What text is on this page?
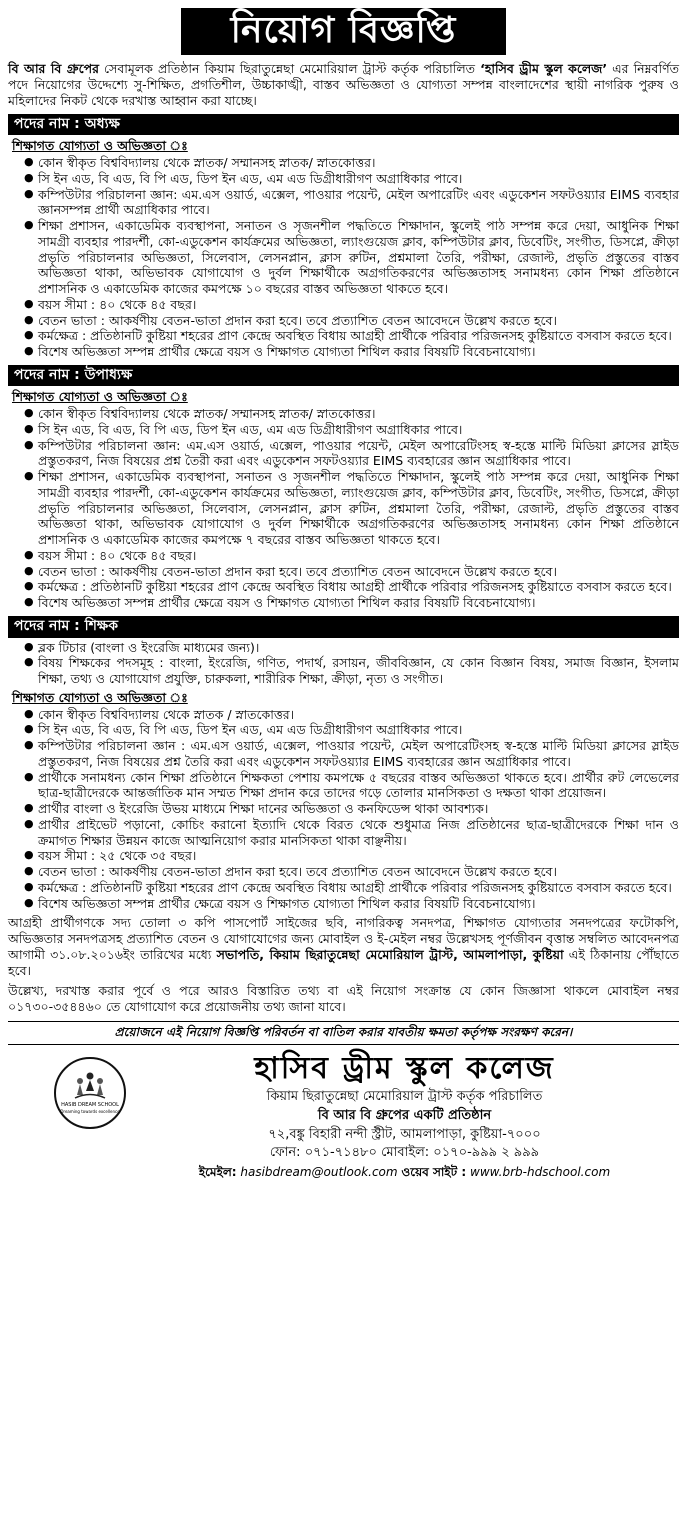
নিয়োগ বিজ্ঞপ্তি

বি আর বি গ্রুপের সেবামূলক প্রতিষ্ঠান কিয়াম ছিরাতুন্নেছা মেমোরিয়াল ট্রাস্ট কর্তৃক পরিচালিত ‘হাসিব ড্রীম স্কুল কলেজ’ এর নিম্নবর্ণিত পদে নিয়োগের উদ্দেশ্যে সু-শিক্ষিত, প্রগতিশীল, উচ্চাকাঙ্খী, বাস্তব অভিজ্ঞতা ও যোগ্যতা সম্পন্ন বাংলাদেশের স্থায়ী নাগরিক পুরুষ ও মহিলাদের নিকট থেকে দরখাস্ত আহ্বান করা যাচ্ছে।

পদের নাম : অধ্যক্ষ
শিক্ষাগত যোগ্যতা ও অভিজ্ঞতা ঃ
● কোন স্বীকৃত বিশ্ববিদ্যালয় থেকে স্নাতক/ সম্মানসহ স্নাতক/ স্নাতকোত্তর।
● সি ইন এড, বি এড, বি পি এড, ডিপ ইন এড, এম এড ডিগ্রীধারীগণ অগ্রাধিকার পাবে।
● কম্পিউটার পরিচালনা জ্ঞান: এম.এস ওয়ার্ড, এক্সেল, পাওয়ার পয়েন্ট, মেইল অপারেটিং এবং এডুকেশন সফটওয়্যার EIMS ব্যবহার জ্ঞানসম্পন্ন প্রার্থী অগ্রাধিকার পাবে।
● শিক্ষা প্রশাসন, একাডেমিক ব্যবস্থাপনা, সনাতন ও সৃজনশীল পদ্ধতিতে শিক্ষাদান, স্কুলেই পাঠ সম্পন্ন করে দেয়া, আধুনিক শিক্ষা সামগ্রী ব্যবহার পারদর্শী, কো-এডুকেশন কার্যক্রমের অভিজ্ঞতা, ল্যাংগুয়েজ ক্লাব, কম্পিউটার ক্লাব, ডিবেটিং, সংগীত, ডিসপ্লে, ক্রীড়া প্রভৃতি পরিচালনার অভিজ্ঞতা, সিলেবাস, লেসনপ্লান, ক্লাস রুটিন, প্রশ্নমালা তৈরি, পরীক্ষা, রেজাল্ট, প্রভৃতি প্রস্তুতের বাস্তব অভিজ্ঞতা থাকা, অভিভাবক যোগাযোগ ও দুর্বল শিক্ষার্থীকে অগ্রগতিকরণের অভিজ্ঞতাসহ সনামধন্য কোন শিক্ষা প্রতিষ্ঠানে প্রশাসনিক ও একাডেমিক কাজের কমপক্ষে ১০ বছরের বাস্তব অভিজ্ঞতা থাকতে হবে।
● বয়স সীমা : ৪০ থেকে ৪৫ বছর।
● বেতন ভাতা : আকর্ষণীয় বেতন-ভাতা প্রদান করা হবে। তবে প্রত্যাশিত বেতন আবেদনে উল্লেখ করতে হবে।
● কর্মক্ষেত্র : প্রতিষ্ঠানটি কুষ্টিয়া শহরের প্রাণ কেন্দ্রে অবস্থিত বিধায় আগ্রহী প্রার্থীকে পরিবার পরিজনসহ কুষ্টিয়াতে বসবাস করতে হবে।
● বিশেষ অভিজ্ঞতা সম্পন্ন প্রার্থীর ক্ষেত্রে বয়স ও শিক্ষাগত যোগ্যতা শিথিল করার বিষয়টি বিবেচনাযোগ্য।
পদের নাম : উপাধ্যক্ষ
শিক্ষাগত যোগ্যতা ও অভিজ্ঞতা ঃ
● কোন স্বীকৃত বিশ্ববিদ্যালয় থেকে স্নাতক/ সম্মানসহ স্নাতক/ স্নাতকোত্তর।
● সি ইন এড, বি এড, বি পি এড, ডিপ ইন এড, এম এড ডিগ্রীধারীগণ অগ্রাধিকার পাবে।
● কম্পিউটার পরিচালনা জ্ঞান: এম.এস ওয়ার্ড, এক্সেল, পাওয়ার পয়েন্ট, মেইল অপারেটিংসহ স্ব-হস্তে মাল্টি মিডিয়া ক্লাসের স্লাইড প্রস্তুতকরণ, নিজ বিষয়ের প্রশ্ন তৈরী করা এবং এডুকেশন সফটওয়্যার EIMS ব্যবহারের জ্ঞান অগ্রাধিকার পাবে।
● শিক্ষা প্রশাসন, একাডেমিক ব্যবস্থাপনা, সনাতন ও সৃজনশীল পদ্ধতিতে শিক্ষাদান, স্কুলেই পাঠ সম্পন্ন করে দেয়া, আধুনিক শিক্ষা সামগ্রী ব্যবহার পারদর্শী, কো-এডুকেশন কার্যক্রমের অভিজ্ঞতা, ল্যাংগুয়েজ ক্লাব, কম্পিউটার ক্লাব, ডিবেটিং, সংগীত, ডিসপ্লে, ক্রীড়া প্রভৃতি পরিচালনার অভিজ্ঞতা, সিলেবাস, লেসনপ্লান, ক্লাস রুটিন, প্রশ্নমালা তৈরি, পরীক্ষা, রেজাল্ট, প্রভৃতি প্রস্তুতের বাস্তব অভিজ্ঞতা থাকা, অভিভাবক যোগাযোগ ও দুর্বল শিক্ষার্থীকে অগ্রগতিকরণের অভিজ্ঞতাসহ সনামধন্য কোন শিক্ষা প্রতিষ্ঠানে প্রশাসনিক ও একাডেমিক কাজের কমপক্ষে ৭ বছরের বাস্তব অভিজ্ঞতা থাকতে হবে।
● বয়স সীমা : ৪০ থেকে ৪৫ বছর।
● বেতন ভাতা : আকর্ষণীয় বেতন-ভাতা প্রদান করা হবে। তবে প্রত্যাশিত বেতন আবেদনে উল্লেখ করতে হবে।
● কর্মক্ষেত্র : প্রতিষ্ঠানটি কুষ্টিয়া শহরের প্রাণ কেন্দ্রে অবস্থিত বিধায় আগ্রহী প্রার্থীকে পরিবার পরিজনসহ কুষ্টিয়াতে বসবাস করতে হবে।
● বিশেষ অভিজ্ঞতা সম্পন্ন প্রার্থীর ক্ষেত্রে বয়স ও শিক্ষাগত যোগ্যতা শিথিল করার বিষয়টি বিবেচনাযোগ্য।
পদের নাম : শিক্ষক
● ব্লক টিচার (বাংলা ও ইংরেজি মাধ্যমের জন্য)।
● বিষয় শিক্ষকের পদসমূহ : বাংলা, ইংরেজি, গণিত, পদার্থ, রসায়ন, জীববিজ্ঞান, যে কোন বিজ্ঞান বিষয়, সমাজ বিজ্ঞান, ইসলাম শিক্ষা, তথ্য ও যোগাযোগ প্রযুক্তি, চারুকলা, শারীরিক শিক্ষা, ক্রীড়া, নৃত্য ও সংগীত।
শিক্ষাগত যোগ্যতা ও অভিজ্ঞতা ঃ
● কোন স্বীকৃত বিশ্ববিদ্যালয় থেকে স্নাতক / স্নাতকোত্তর।
● সি ইন এড, বি এড, বি পি এড, ডিপ ইন এড, এম এড ডিগ্রীধারীগণ অগ্রাধিকার পাবে।
● কম্পিউটার পরিচালনা জ্ঞান : এম.এস ওয়ার্ড, এক্সেল, পাওয়ার পয়েন্ট, মেইল অপারেটিংসহ স্ব-হস্তে মাল্টি মিডিয়া ক্লাসের স্লাইড প্রস্তুতকরণ, নিজ বিষয়ের প্রশ্ন তৈরি করা এবং এডুকেশন সফটওয়্যার EIMS ব্যবহারের জ্ঞান অগ্রাধিকার পাবে।
● প্রার্থীকে সনামধন্য কোন শিক্ষা প্রতিষ্ঠানে শিক্ষকতা পেশায় কমপক্ষে ৫ বছরের বাস্তব অভিজ্ঞতা থাকতে হবে। প্রার্থীর রুট লেভেলের ছাত্র-ছাত্রীদেরকে আন্তর্জাতিক মান সম্মত শিক্ষা প্রদান করে তাদের গড়ে তোলার মানসিকতা ও দক্ষতা থাকা প্রয়োজন।
● প্রার্থীর বাংলা ও ইংরেজি উভয় মাধ্যমে শিক্ষা দানের অভিজ্ঞতা ও কনফিডেন্স থাকা আবশ্যক।
● প্রার্থীর প্রাইভেট পড়ানো, কোচিং করানো ইত্যাদি থেকে বিরত থেকে শুধুমাত্র নিজ প্রতিষ্ঠানের ছাত্র-ছাত্রীদেরকে শিক্ষা দান ও ক্রমাগত শিক্ষার উন্নয়ন কাজে আত্মনিয়োগ করার মানসিকতা থাকা বাঞ্ছনীয়।
● বয়স সীমা : ২৫ থেকে ৩৫ বছর।
● বেতন ভাতা : আকর্ষণীয় বেতন-ভাতা প্রদান করা হবে। তবে প্রত্যাশিত বেতন আবেদনে উল্লেখ করতে হবে।
● কর্মক্ষেত্র : প্রতিষ্ঠানটি কুষ্টিয়া শহরের প্রাণ কেন্দ্রে অবস্থিত বিধায় আগ্রহী প্রার্থীকে পরিবার পরিজনসহ কুষ্টিয়াতে বসবাস করতে হবে।
● বিশেষ অভিজ্ঞতা সম্পন্ন প্রার্থীর ক্ষেত্রে বয়স ও শিক্ষাগত যোগ্যতা শিথিল করার বিষয়টি বিবেচনাযোগ্য।

আগ্রহী প্রার্থীগণকে সদ্য তোলা ৩ কপি পাসপোর্ট সাইজের ছবি, নাগরিকত্ব সনদপত্র, শিক্ষাগত যোগ্যতার সনদপত্রের ফটোকপি, অভিজ্ঞতার সনদপত্রসহ প্রত্যাশিত বেতন ও যোগাযোগের জন্য মোবাইল ও ই-মেইল নম্বর উল্লেখসহ পূর্ণজীবন বৃত্তান্ত সম্বলিত আবেদনপত্র আগামী ৩১.০৮.২০১৬ইং তারিখের মধ্যে সভাপতি, কিয়াম ছিরাতুন্নেছা মেমোরিয়াল ট্রাস্ট, আমলাপাড়া, কুষ্টিয়া এই ঠিকানায় পৌঁছাতে হবে।

উল্লেখ্য, দরখাস্ত করার পূর্বে ও পরে আরও বিস্তারিত তথ্য বা এই নিয়োগ সংক্রান্ত যে কোন জিজ্ঞাসা থাকলে মোবাইল নম্বর ০১৭৩০-৩৫৪৪৬০ তে যোগাযোগ করে প্রয়োজনীয় তথ্য জানা যাবে।

প্রয়োজনে এই নিয়োগ বিজ্ঞপ্তি পরিবর্তন বা বাতিল করার যাবতীয় ক্ষমতা কর্তৃপক্ষ সংরক্ষণ করেন।
HASIB DREAM SCHOOL
Dreaming towards excellence
হাসিব ড্রীম স্কুল কলেজ
কিয়াম ছিরাতুন্নেছা মেমোরিয়াল ট্রাস্ট কর্তৃক পরিচালিত
বি আর বি গ্রুপের একটি প্রতিষ্ঠান
৭২,বঙ্কু বিহারী নন্দী স্ট্রীট, আমলাপাড়া, কুষ্টিয়া-৭০০০
ফোন: ০৭১-৭১৪৮০ মোবাইল: ০১৭০-৯৯৯ ২ ৯৯৯
ইমেইল: hasibdream@outlook.com ওয়েব সাইট : www.brb-hdschool.com
